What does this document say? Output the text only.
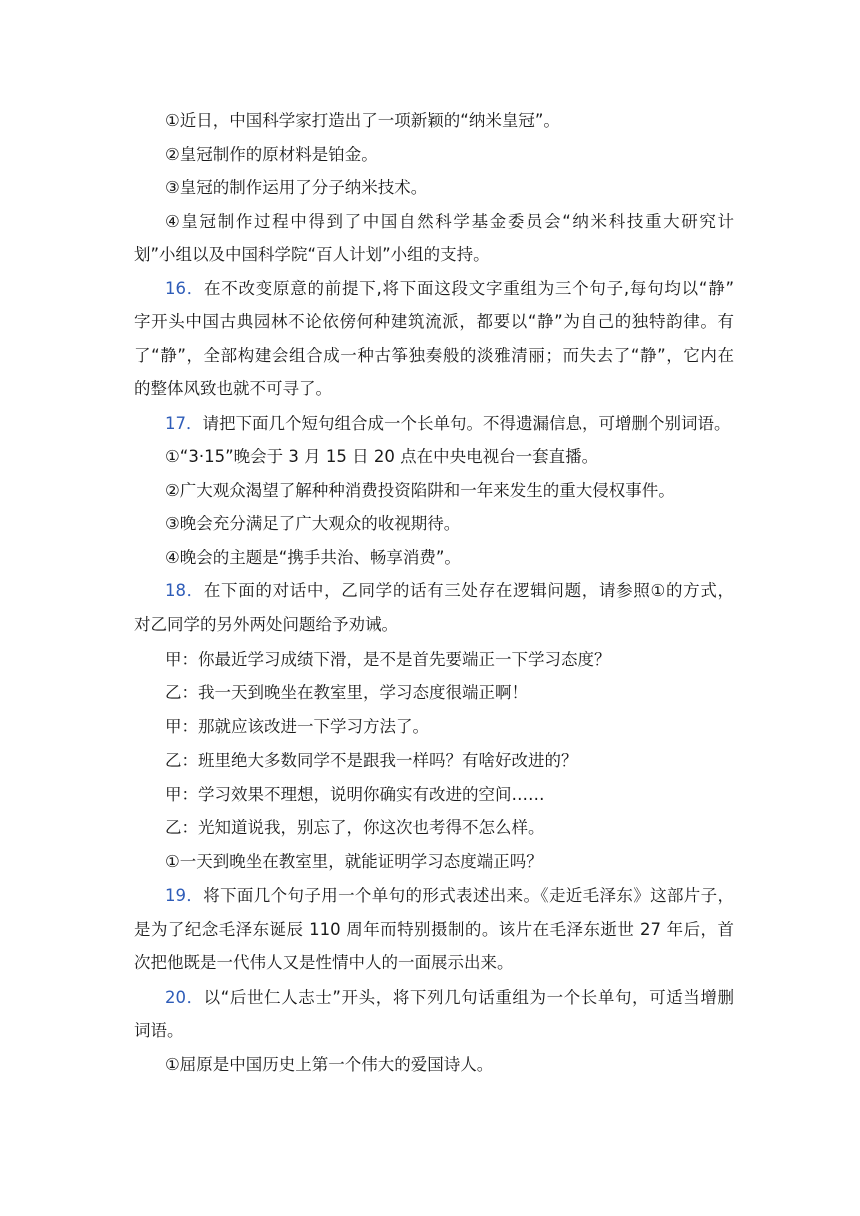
①近日，中国科学家打造出了一项新颖的“纳米皇冠”。
②皇冠制作的原材料是铂金。
③皇冠的制作运用了分子纳米技术。
④皇冠制作过程中得到了中国自然科学基金委员会“纳米科技重大研究计
划”小组以及中国科学院“百人计划”小组的支持。
16．在不改变原意的前提下,将下面这段文字重组为三个句子,每句均以“静”
字开头中国古典园林不论依傍何种建筑流派，都要以“静”为自己的独特韵律。有
了“静”，全部构建会组合成一种古筝独奏般的淡雅清丽；而失去了“静”，它内在
的整体风致也就不可寻了。
17．请把下面几个短句组合成一个长单句。不得遗漏信息，可增删个别词语。
①“3·15”晚会于 3 月 15 日 20 点在中央电视台一套直播。
②广大观众渴望了解种种消费投资陷阱和一年来发生的重大侵权事件。
③晚会充分满足了广大观众的收视期待。
④晚会的主题是“携手共治、畅享消费”。
18．在下面的对话中，乙同学的话有三处存在逻辑问题，请参照①的方式，
对乙同学的另外两处问题给予劝诫。
甲：你最近学习成绩下滑，是不是首先要端正一下学习态度？
乙：我一天到晚坐在教室里，学习态度很端正啊！
甲：那就应该改进一下学习方法了。
乙：班里绝大多数同学不是跟我一样吗？有啥好改进的？
甲：学习效果不理想，说明你确实有改进的空间……
乙：光知道说我，别忘了，你这次也考得不怎么样。
①一天到晚坐在教室里，就能证明学习态度端正吗？
19．将下面几个句子用一个单句的形式表述出来。《走近毛泽东》这部片子，
是为了纪念毛泽东诞辰 110 周年而特别摄制的。该片在毛泽东逝世 27 年后，首
次把他既是一代伟人又是性情中人的一面展示出来。
20．以“后世仁人志士”开头，将下列几句话重组为一个长单句，可适当增删
词语。
①屈原是中国历史上第一个伟大的爱国诗人。
